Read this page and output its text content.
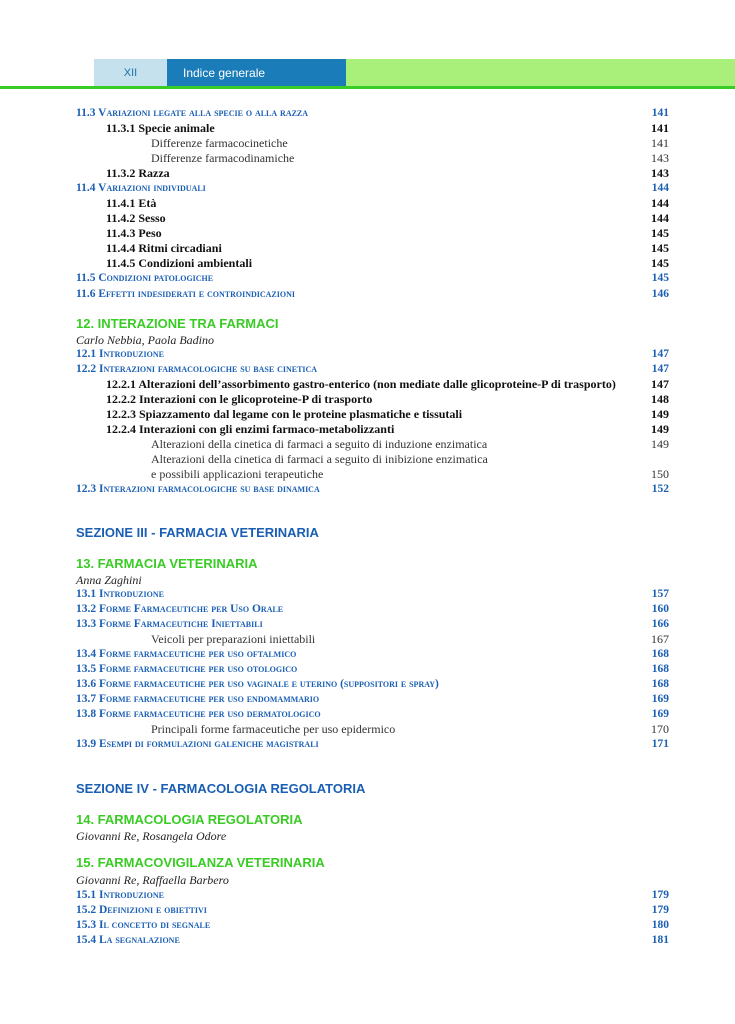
XII	Indice generale
11.3 Variazioni legate alla specie o alla razza	141
11.3.1 Specie animale	141
Differenze farmacocinetiche	141
Differenze farmacodinamiche	143
11.3.2 Razza	143
11.4 Variazioni individuali	144
11.4.1 Età	144
11.4.2 Sesso	144
11.4.3 Peso	145
11.4.4 Ritmi circadiani	145
11.4.5 Condizioni ambientali	145
11.5 Condizioni patologiche	145
11.6 Effetti indesiderati e controindicazioni	146
12. INTERAZIONE TRA FARMACI
Carlo Nebbia, Paola Badino
12.1 Introduzione	147
12.2 Interazioni farmacologiche su base cinetica	147
12.2.1 Alterazioni dell’assorbimento gastro-enterico (non mediate dalle glicoproteine-P di trasporto)	147
12.2.2 Interazioni con le glicoproteine-P di trasporto	148
12.2.3 Spiazzamento dal legame con le proteine plasmatiche e tissutali	149
12.2.4 Interazioni con gli enzimi farmaco-metabolizzanti	149
Alterazioni della cinetica di farmaci a seguito di induzione enzimatica	149
Alterazioni della cinetica di farmaci a seguito di inibizione enzimatica
e possibili applicazioni terapeutiche	150
12.3 Interazioni farmacologiche su base dinamica	152
SEZIONE III - FARMACIA VETERINARIA
13. FARMACIA VETERINARIA
Anna Zaghini
13.1 Introduzione	157
13.2 Forme Farmaceutiche per Uso Orale	160
13.3 Forme Farmaceutiche Iniettabili	166
Veicoli per preparazioni iniettabili	167
13.4 Forme farmaceutiche per uso oftalmico	168
13.5 Forme farmaceutiche per uso otologico	168
13.6 Forme farmaceutiche per uso vaginale e uterino (suppositori e spray)	168
13.7 Forme farmaceutiche per uso endomammario	169
13.8 Forme farmaceutiche per uso dermatologico	169
Principali forme farmaceutiche per uso epidermico	170
13.9 Esempi di formulazioni galeniche magistrali	171
SEZIONE IV - FARMACOLOGIA REGOLATORIA
14. FARMACOLOGIA REGOLATORIA
Giovanni Re, Rosangela Odore
15. FARMACOVIGILANZA VETERINARIA
Giovanni Re, Raffaella Barbero
15.1 Introduzione	179
15.2 Definizioni e obiettivi	179
15.3 Il concetto di segnale	180
15.4 La segnalazione	181
